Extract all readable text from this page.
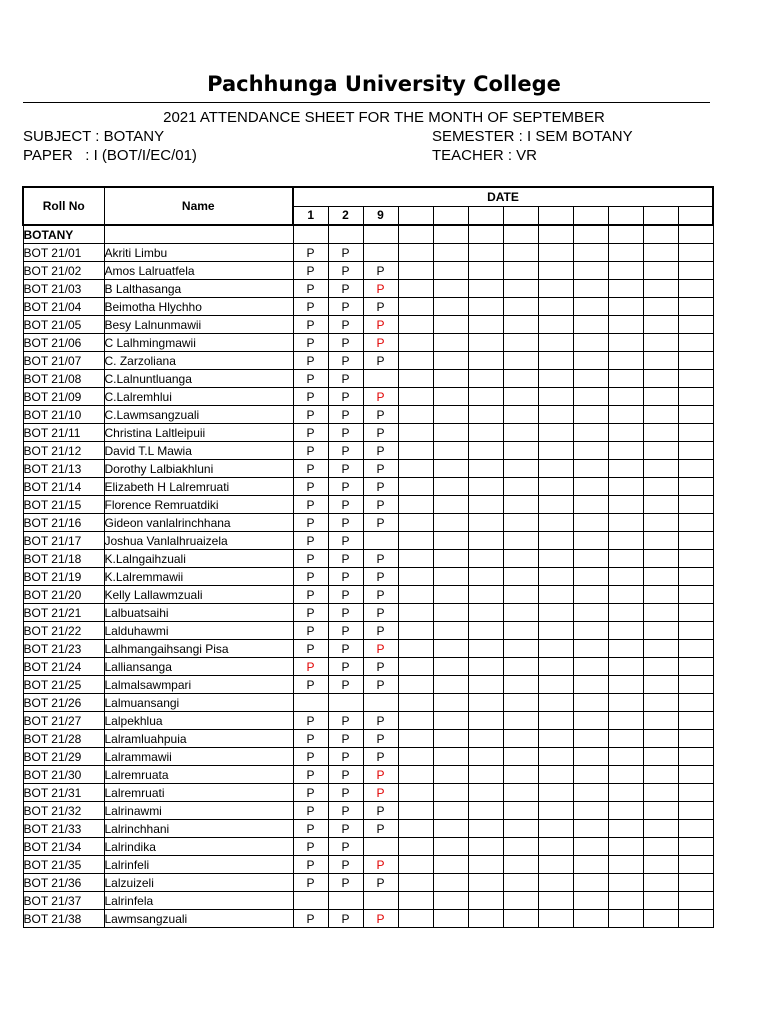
Pachhunga University College
2021 ATTENDANCE SHEET FOR THE MONTH OF SEPTEMBER
SUBJECT : BOTANY
PAPER   : I (BOT/I/EC/01)
SEMESTER : I SEM BOTANY
TEACHER : VR
Roll No	Name	DATE											
		1	2	9									
BOTANY													
BOT 21/01	Akriti Limbu	P	P										
BOT 21/02	Amos Lalruatfela	P	P	P									
BOT 21/03	B Lalthasanga	P	P	P									
BOT 21/04	Beimotha Hlychho	P	P	P									
BOT 21/05	Besy Lalnunmawii	P	P	P									
BOT 21/06	C Lalhmingmawii	P	P	P									
BOT 21/07	C. Zarzoliana	P	P	P									
BOT 21/08	C.Lalnuntluanga	P	P										
BOT 21/09	C.Lalremhlui	P	P	P									
BOT 21/10	C.Lawmsangzuali	P	P	P									
BOT 21/11	Christina Laltleipuii	P	P	P									
BOT 21/12	David T.L Mawia	P	P	P									
BOT 21/13	Dorothy Lalbiakhluni	P	P	P									
BOT 21/14	Elizabeth H Lalremruati	P	P	P									
BOT 21/15	Florence Remruatdiki	P	P	P									
BOT 21/16	Gideon vanlalrinchhana	P	P	P									
BOT 21/17	Joshua Vanlalhruaizela	P	P										
BOT 21/18	K.Lalngaihzuali	P	P	P									
BOT 21/19	K.Lalremmawii	P	P	P									
BOT 21/20	Kelly Lallawmzuali	P	P	P									
BOT 21/21	Lalbuatsaihi	P	P	P									
BOT 21/22	Lalduhawmi	P	P	P									
BOT 21/23	Lalhmangaihsangi Pisa	P	P	P									
BOT 21/24	Lalliansanga	P	P	P									
BOT 21/25	Lalmalsawmpari	P	P	P									
BOT 21/26	Lalmuansangi												
BOT 21/27	Lalpekhlua	P	P	P									
BOT 21/28	Lalramluahpuia	P	P	P									
BOT 21/29	Lalrammawii	P	P	P									
BOT 21/30	Lalremruata	P	P	P									
BOT 21/31	Lalremruati	P	P	P									
BOT 21/32	Lalrinawmi	P	P	P									
BOT 21/33	Lalrinchhani	P	P	P									
BOT 21/34	Lalrindika	P	P										
BOT 21/35	Lalrinfeli	P	P	P									
BOT 21/36	Lalzuizeli	P	P	P									
BOT 21/37	Lalrinfela												
BOT 21/38	Lawmsangzuali	P	P	P									
